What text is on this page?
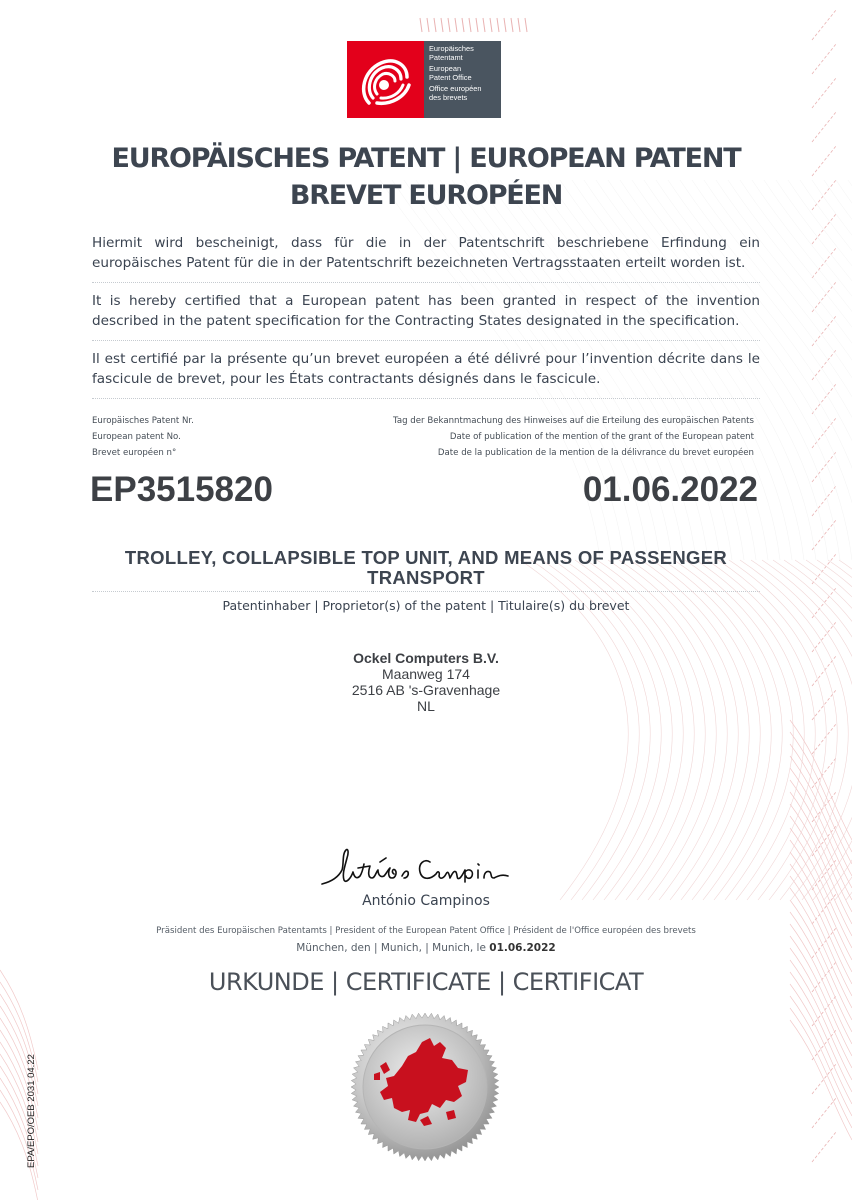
Europäisches
Patentamt
European
Patent Office
Office européen
des brevets
EUROPÄISCHES PATENT | EUROPEAN PATENT
BREVET EUROPÉEN
Hiermit wird bescheinigt, dass für die in der Patentschrift beschriebene Erfindung ein europäisches Patent für die in der Patentschrift bezeichneten Vertragsstaaten erteilt worden ist.
It is hereby certified that a European patent has been granted in respect of the invention described in the patent specification for the Contracting States designated in the specification.
Il est certifié par la présente qu’un brevet européen a été délivré pour l’invention décrite dans le fascicule de brevet, pour les États contractants désignés dans le fascicule.
Europäisches Patent Nr.
European patent No.
Brevet européen n°
Tag der Bekanntmachung des Hinweises auf die Erteilung des europäischen Patents
Date of publication of the mention of the grant of the European patent
Date de la publication de la mention de la délivrance du brevet européen
EP3515820	01.06.2022
TROLLEY, COLLAPSIBLE TOP UNIT, AND MEANS OF PASSENGER
TRANSPORT
Patentinhaber | Proprietor(s) of the patent | Titulaire(s) du brevet
Ockel Computers B.V.
Maanweg 174
2516 AB 's-Gravenhage
NL
António Campinos
Präsident des Europäischen Patentamts | President of the European Patent Office | Président de l'Office européen des brevets
München, den | Munich, | Munich, le 01.06.2022
URKUNDE | CERTIFICATE | CERTIFICAT
EPA/EPO/OEB 2031 04.22
